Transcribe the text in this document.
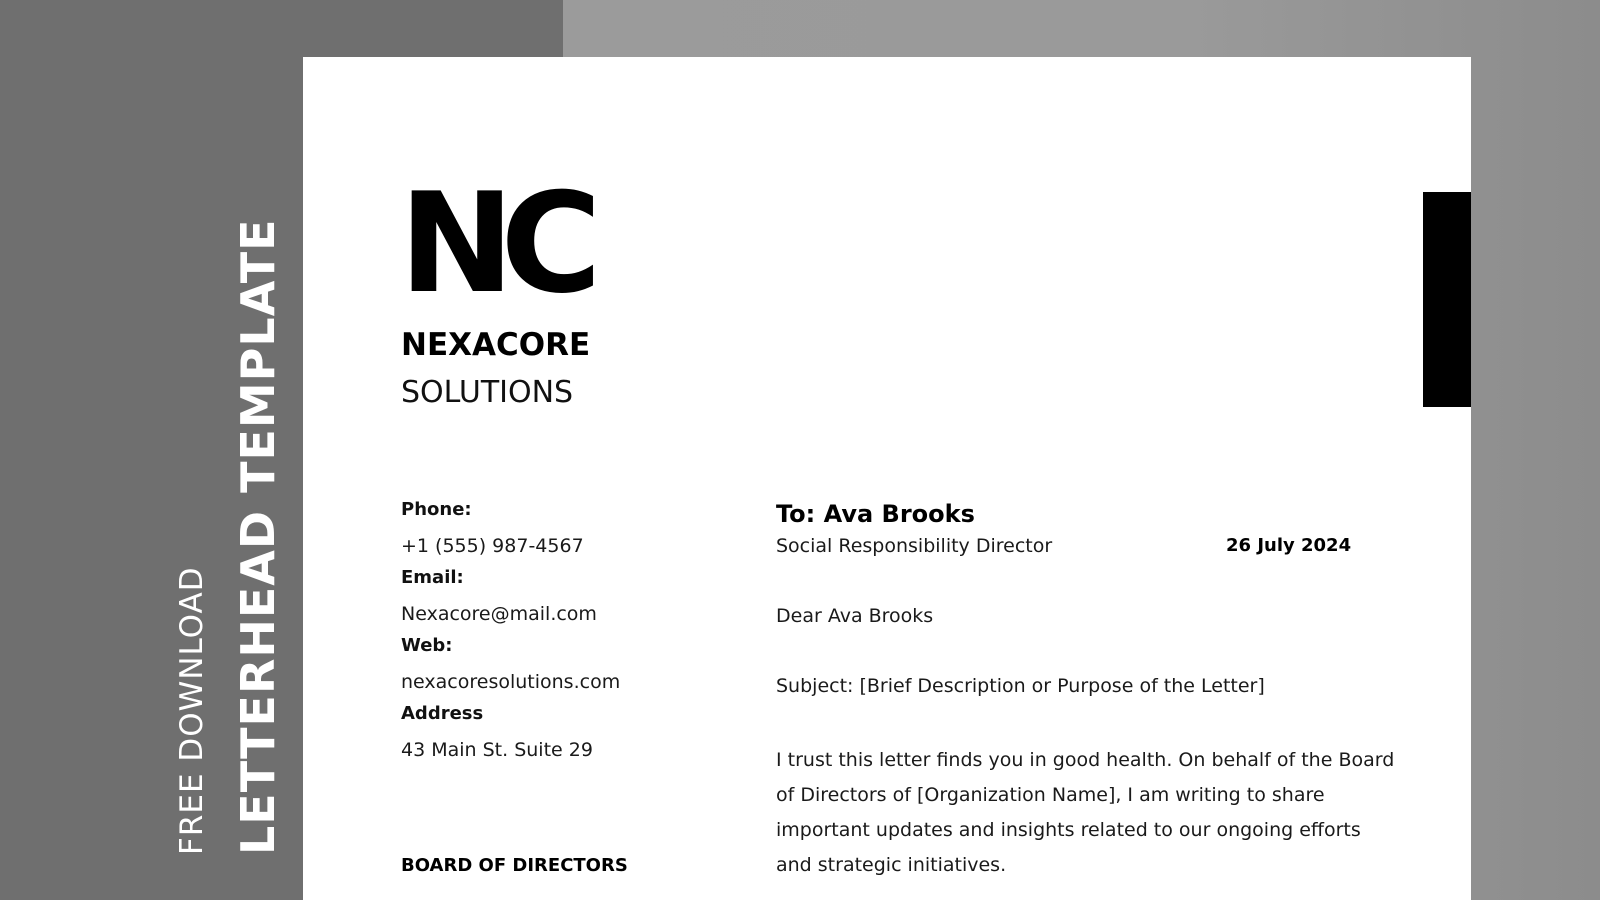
FREE DOWNLOAD LETTERHEAD TEMPLATE NC
NEXACORE
SOLUTIONS
Phone:
+1 (555) 987-4567
Email:
Nexacore@mail.com
Web:
nexacoresolutions.com
Address
43 Main St. Suite 29
BOARD OF DIRECTORS
To: Ava Brooks
Social Responsibility Director	26 July 2024
Dear Ava Brooks
Subject: [Brief Description or Purpose of the Letter]
I trust this letter finds you in good health. On behalf of the Board of Directors of [Organization Name], I am writing to share important updates and insights related to our ongoing efforts and strategic initiatives.
